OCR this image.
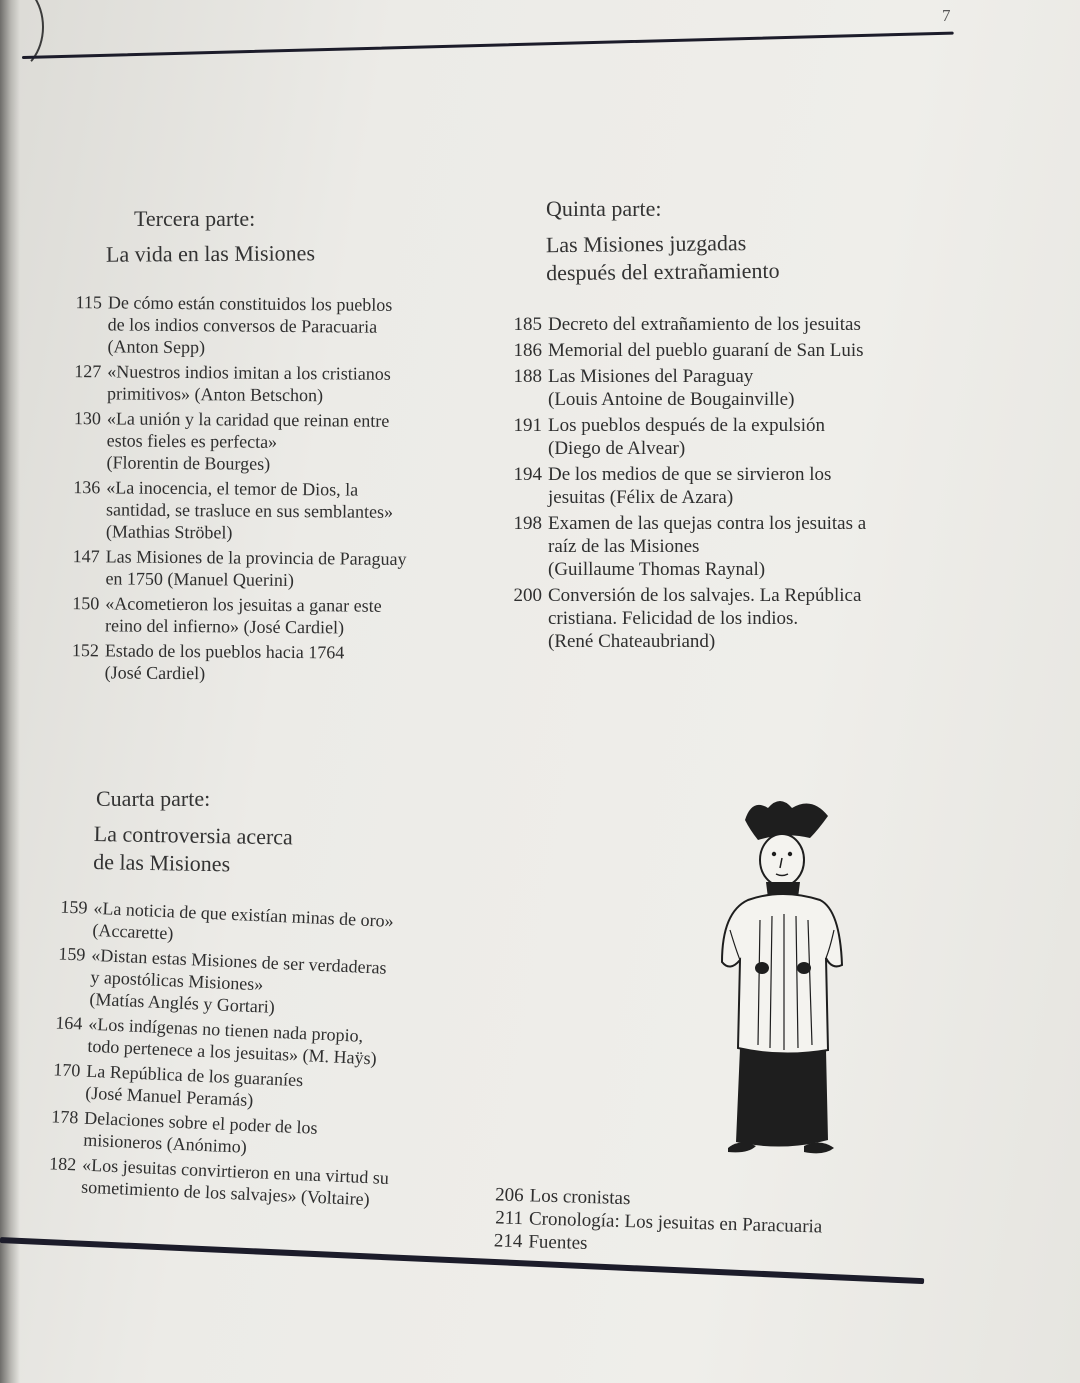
7
Tercera parte:
La vida en las Misiones
115 De cómo están constituidos los pueblos
de los indios conversos de Paracuaria
(Anton Sepp)
127 «Nuestros indios imitan a los cristianos
primitivos» (Anton Betschon)
130 «La unión y la caridad que reinan entre
estos fieles es perfecta»
(Florentin de Bourges)
136 «La inocencia, el temor de Dios, la
santidad, se trasluce en sus semblantes»
(Mathias Ströbel)
147 Las Misiones de la provincia de Paraguay
en 1750 (Manuel Querini)
150 «Acometieron los jesuitas a ganar este
reino del infierno» (José Cardiel)
152 Estado de los pueblos hacia 1764
(José Cardiel)
Quinta parte:
Las Misiones juzgadas
después del extrañamiento
185 Decreto del extrañamiento de los jesuitas
186 Memorial del pueblo guaraní de San Luis
188 Las Misiones del Paraguay
(Louis Antoine de Bougainville)
191 Los pueblos después de la expulsión
(Diego de Alvear)
194 De los medios de que se sirvieron los
jesuitas (Félix de Azara)
198 Examen de las quejas contra los jesuitas a
raíz de las Misiones
(Guillaume Thomas Raynal)
200 Conversión de los salvajes. La República
cristiana. Felicidad de los indios.
(René Chateaubriand)
Cuarta parte:
La controversia acerca
de las Misiones
159 «La noticia de que existían minas de oro»
(Accarette)
159 «Distan estas Misiones de ser verdaderas
y apostólicas Misiones»
(Matías Anglés y Gortari)
164 «Los indígenas no tienen nada propio,
todo pertenece a los jesuitas» (M. Haÿs)
170 La República de los guaraníes
(José Manuel Peramás)
178 Delaciones sobre el poder de los
misioneros (Anónimo)
182 «Los jesuitas convirtieron en una virtud su
sometimiento de los salvajes» (Voltaire)	206 Los cronistas
211 Cronología: Los jesuitas en Paracuaria
214 Fuentes
